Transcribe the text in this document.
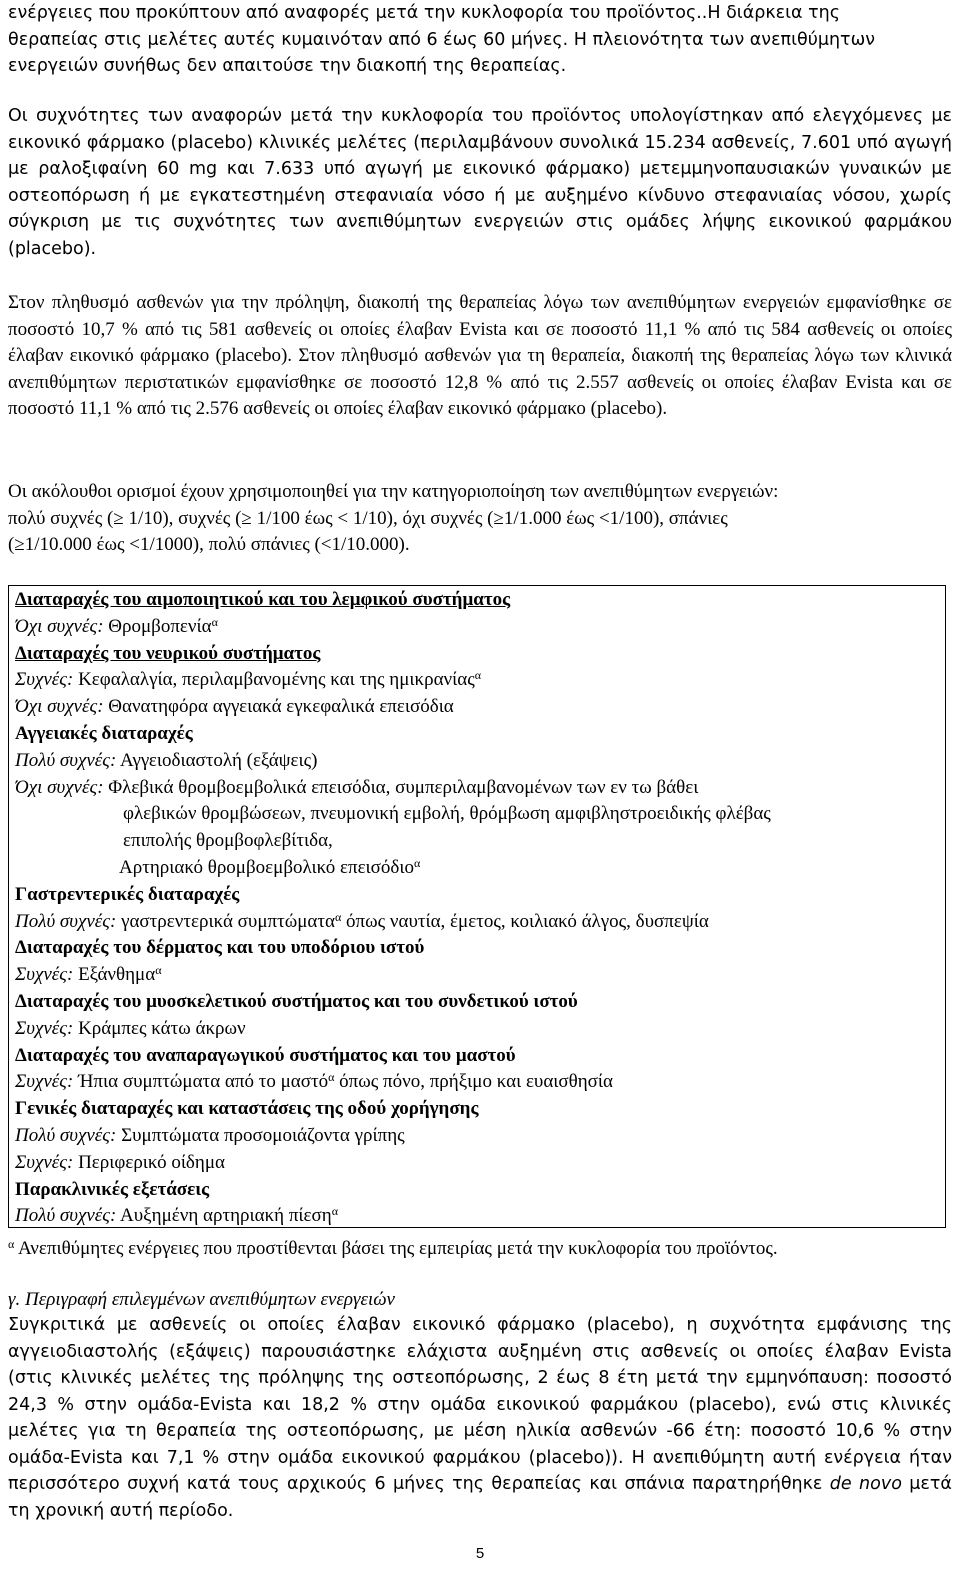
ενέργειες που προκύπτουν από αναφορές μετά την κυκλοφορία του προϊόντος..Η διάρκεια της
θεραπείας στις μελέτες αυτές κυμαινόταν από 6 έως 60 μήνες. Η πλειονότητα των ανεπιθύμητων
ενεργειών συνήθως δεν απαιτούσε την διακοπή της θεραπείας.

Οι συχνότητες των αναφορών μετά την κυκλοφορία του προϊόντος υπολογίστηκαν από ελεγχόμενες με εικονικό φάρμακο (placebo) κλινικές μελέτες (περιλαμβάνουν συνολικά 15.234 ασθενείς, 7.601 υπό αγωγή με ραλοξιφαίνη 60 mg και 7.633 υπό αγωγή με εικονικό φάρμακο) μετεμμηνοπαυσιακών γυναικών με οστεοπόρωση ή με εγκατεστημένη στεφανιαία νόσο ή με αυξημένο κίνδυνο στεφανιαίας νόσου, χωρίς σύγκριση με τις συχνότητες των ανεπιθύμητων ενεργειών στις ομάδες λήψης εικονικού φαρμάκου (placebo).

Στον πληθυσμό ασθενών για την πρόληψη, διακοπή της θεραπείας λόγω των ανεπιθύμητων ενεργειών εμφανίσθηκε σε ποσοστό 10,7 % από τις 581 ασθενείς οι οποίες έλαβαν Evista και σε ποσοστό 11,1 % από τις 584 ασθενείς οι οποίες έλαβαν εικονικό φάρμακο (placebo). Στον πληθυσμό ασθενών για τη θεραπεία, διακοπή της θεραπείας λόγω των κλινικά ανεπιθύμητων περιστατικών εμφανίσθηκε σε ποσοστό 12,8 % από τις 2.557 ασθενείς οι οποίες έλαβαν Evista και σε ποσοστό 11,1 % από τις 2.576 ασθενείς οι οποίες έλαβαν εικονικό φάρμακο (placebo).

Οι ακόλουθοι ορισμοί έχουν χρησιμοποιηθεί για την κατηγοριοποίηση των ανεπιθύμητων ενεργειών:
πολύ συχνές (≥ 1/10), συχνές (≥ 1/100 έως < 1/10), όχι συχνές (≥1/1.000 έως <1/100), σπάνιες
(≥1/10.000 έως <1/1000), πολύ σπάνιες (<1/10.000).
Διαταραχές του αιμοποιητικού και του λεμφικού συστήματος
Όχι συχνές: Θρομβοπενία$^\alpha$
Διαταραχές του νευρικού συστήματος
Συχνές: Κεφαλαλγία, περιλαμβανομένης και της ημικρανίας$^\alpha$
Όχι συχνές: Θανατηφόρα αγγειακά εγκεφαλικά επεισόδια
Αγγειακές διαταραχές
Πολύ συχνές: Αγγειοδιαστολή (εξάψεις)
Όχι συχνές: Φλεβικά θρομβοεμβολικά επεισόδια, συμπεριλαμβανομένων των εν τω βάθει
φλεβικών θρομβώσεων, πνευμονική εμβολή, θρόμβωση αμφιβληστροειδικής φλέβας
επιπολής θρομβοφλεβίτιδα,
Αρτηριακό θρομβοεμβολικό επεισόδιο$^\alpha$
Γαστρεντερικές διαταραχές
Πολύ συχνές: γαστρεντερικά συμπτώματα$^\alpha$ όπως ναυτία, έμετος, κοιλιακό άλγος, δυσπεψία
Διαταραχές του δέρματος και του υποδόριου ιστού
Συχνές: Εξάνθημα$^\alpha$
Διαταραχές του μυοσκελετικού συστήματος και του συνδετικού ιστού
Συχνές: Κράμπες κάτω άκρων
Διαταραχές του αναπαραγωγικού συστήματος και του μαστού
Συχνές: Ήπια συμπτώματα από το μαστό$^\alpha$ όπως πόνο, πρήξιμο και ευαισθησία
Γενικές διαταραχές και καταστάσεις της οδού χορήγησης
Πολύ συχνές: Συμπτώματα προσομοιάζοντα γρίπης
Συχνές: Περιφερικό οίδημα
Παρακλινικές εξετάσεις
Πολύ συχνές: Αυξημένη αρτηριακή πίεση$^\alpha$
$^\alpha$ Ανεπιθύμητες ενέργειες που προστίθενται βάσει της εμπειρίας μετά την κυκλοφορία του προϊόντος.
γ. Περιγραφή επιλεγμένων ανεπιθύμητων ενεργειών

Συγκριτικά με ασθενείς οι οποίες έλαβαν εικονικό φάρμακο (placebo), η συχνότητα εμφάνισης της αγγειοδιαστολής (εξάψεις) παρουσιάστηκε ελάχιστα αυξημένη στις ασθενείς οι οποίες έλαβαν Evista (στις κλινικές μελέτες της πρόληψης της οστεοπόρωσης, 2 έως 8 έτη μετά την εμμηνόπαυση: ποσοστό 24,3 % στην ομάδα-Evista και 18,2 % στην ομάδα εικονικού φαρμάκου (placebo), ενώ στις κλινικές μελέτες για τη θεραπεία της οστεοπόρωσης, με μέση ηλικία ασθενών -66 έτη: ποσοστό 10,6 % στην ομάδα-Evista και 7,1 % στην ομάδα εικονικού φαρμάκου (placebo)). Η ανεπιθύμητη αυτή ενέργεια ήταν περισσότερο συχνή κατά τους αρχικούς 6 μήνες της θεραπείας και σπάνια παρατηρήθηκε de novo μετά τη χρονική αυτή περίοδο.

5
